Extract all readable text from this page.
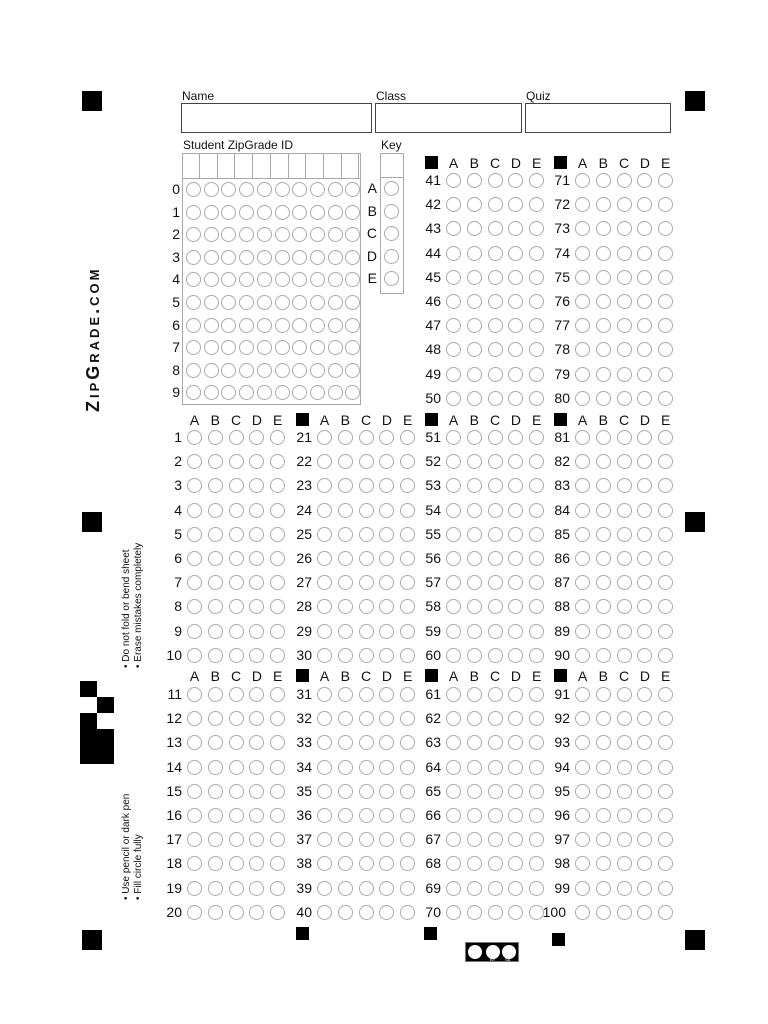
ZipGrade.com
• Do not fold or bend sheet • Erase mistakes completely
• Use pencil or dark pen • Fill circle fully
Name	Class	Quiz
Student ZipGrade ID	Key
A B C D E	A B C D E
41	71
42	72
43	73
44	74
45	75
46	76
47	77
48	78
49	79
50	80
A B C D E	A B C D E	A B C D E	A B C D E
1	21	51	81
2	22	52	82
3	23	53	83
4	24	54	84
5	25	55	85
6	26	56	86
7	27	57	87
8	28	58	88
9	29	59	89
10	30	60	90
A B C D E	A B C D E	A B C D E	A B C D E
11	31	61	91
12	32	62	92
13	33	63	93
14	34	64	94
15	35	65	95
16	36	66	96
17	37	67	97
18	38	68	98
19	39	69	99
20	40	70	100
0
1
2
3
4
5
6
7
8
9
A
B
C
D
E
BY SA
